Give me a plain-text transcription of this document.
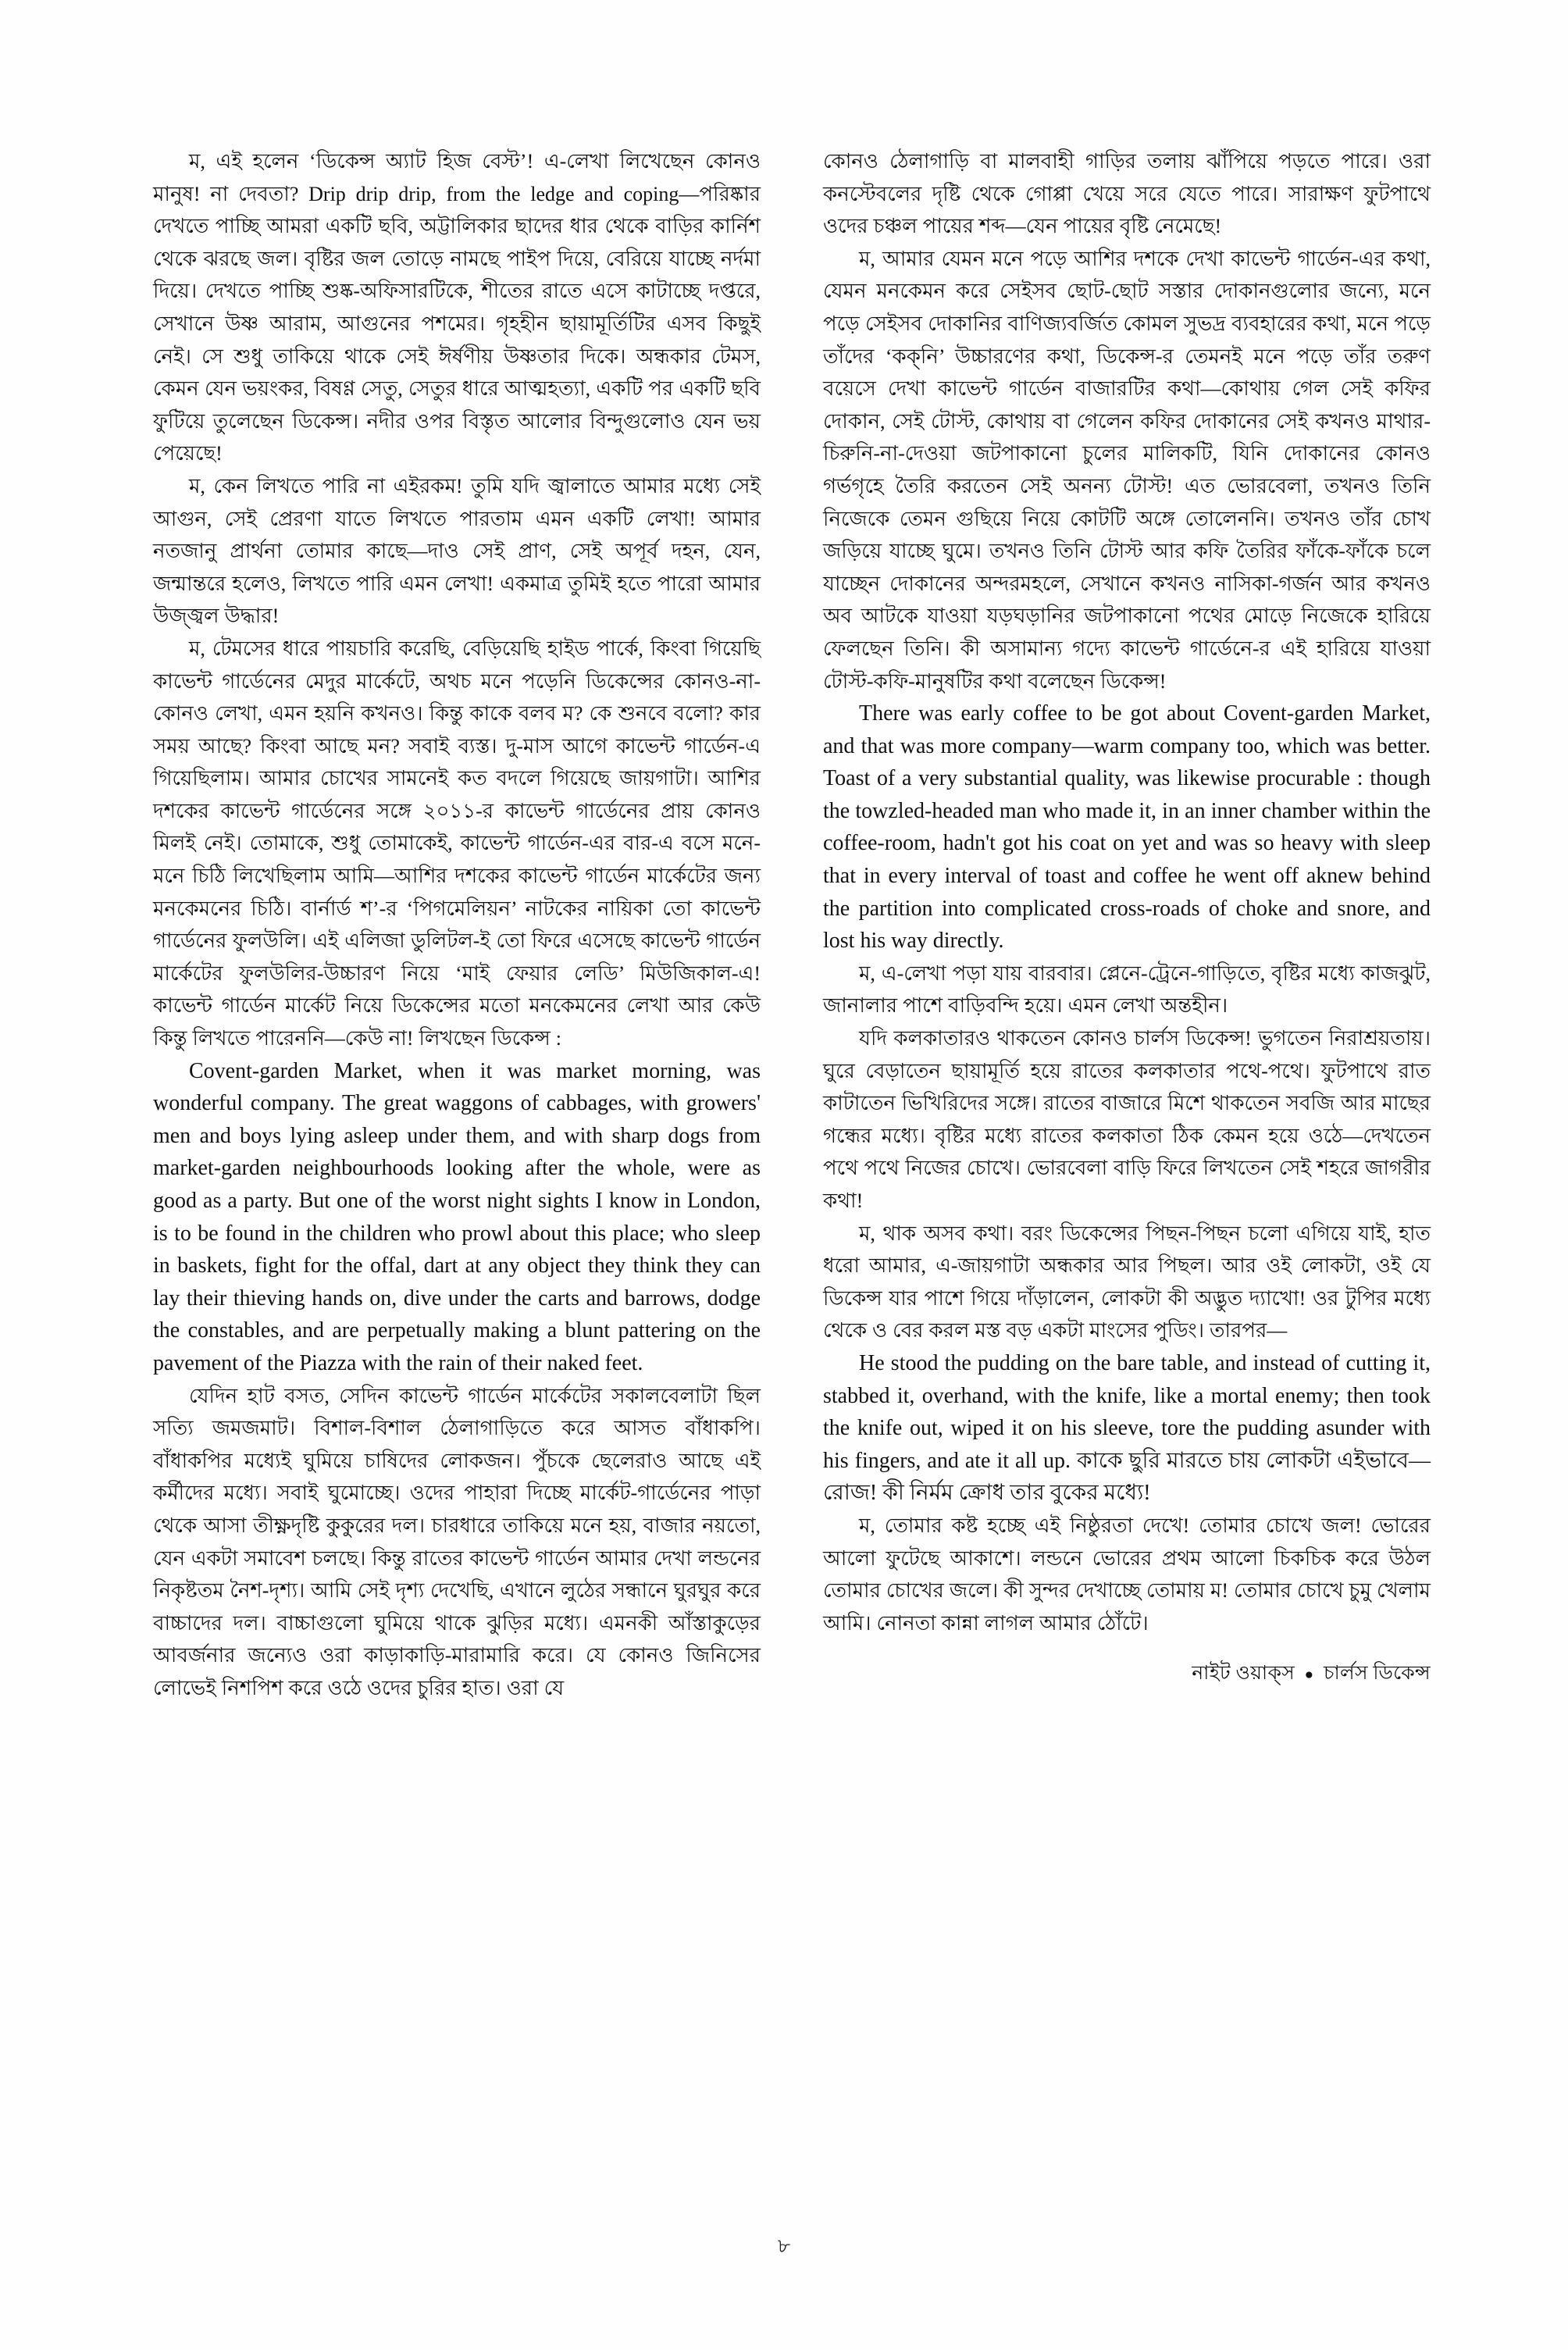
ম, এই হলেন ‘ডিকেন্স অ্যাট হিজ বেস্ট’! এ-লেখা লিখেছেন কোনও মানুষ! না দেবতা? Drip drip drip, from the ledge and coping—পরিষ্কার দেখতে পাচ্ছি আমরা একটি ছবি, অট্টালিকার ছাদের ধার থেকে বাড়ির কার্নিশ থেকে ঝরছে জল। বৃষ্টির জল তোড়ে নামছে পাইপ দিয়ে, বেরিয়ে যাচ্ছে নর্দমা দিয়ে। দেখতে পাচ্ছি শুষ্ক-অফিসারটিকে, শীতের রাতে এসে কাটাচ্ছে দপ্তরে, সেখানে উষ্ণ আরাম, আগুনের পশমের। গৃহহীন ছায়ামূর্তিটির এসব কিছুই নেই। সে শুধু তাকিয়ে থাকে সেই ঈর্ষণীয় উষ্ণতার দিকে। অন্ধকার টেমস, কেমন যেন ভয়ংকর, বিষণ্ণ সেতু, সেতুর ধারে আত্মহত্যা, একটি পর একটি ছবি ফুটিয়ে তুলেছেন ডিকেন্স। নদীর ওপর বিস্তৃত আলোর বিন্দুগুলোও যেন ভয় পেয়েছে!

ম, কেন লিখতে পারি না এইরকম! তুমি যদি জ্বালাতে আমার মধ্যে সেই আগুন, সেই প্রেরণা যাতে লিখতে পারতাম এমন একটি লেখা! আমার নতজানু প্রার্থনা তোমার কাছে—দাও সেই প্রাণ, সেই অপূর্ব দহন, যেন, জন্মান্তরে হলেও, লিখতে পারি এমন লেখা! একমাত্র তুমিই হতে পারো আমার উজ্জ্বল উদ্ধার!

ম, টেমসের ধারে পায়চারি করেছি, বেড়িয়েছি হাইড পার্কে, কিংবা গিয়েছি কাভেন্ট গার্ডেনের মেদুর মার্কেটে, অথচ মনে পড়েনি ডিকেন্সের কোনও-না-কোনও লেখা, এমন হয়নি কখনও। কিন্তু কাকে বলব ম? কে শুনবে বলো? কার সময় আছে? কিংবা আছে মন? সবাই ব্যস্ত। দু-মাস আগে কাভেন্ট গার্ডেন-এ গিয়েছিলাম। আমার চোখের সামনেই কত বদলে গিয়েছে জায়গাটা। আশির দশকের কাভেন্ট গার্ডেনের সঙ্গে ২০১১-র কাভেন্ট গার্ডেনের প্রায় কোনও মিলই নেই। তোমাকে, শুধু তোমাকেই, কাভেন্ট গার্ডেন-এর বার-এ বসে মনে-মনে চিঠি লিখেছিলাম আমি—আশির দশকের কাভেন্ট গার্ডেন মার্কেটের জন্য মনকেমনের চিঠি। বার্নার্ড শ’-র ‘পিগমেলিয়ন’ নাটকের নায়িকা তো কাভেন্ট গার্ডেনের ফুলউলি। এই এলিজা ডুলিটল-ই তো ফিরে এসেছে কাভেন্ট গার্ডেন মার্কেটের ফুলউলির-উচ্চারণ নিয়ে ‘মাই ফেয়ার লেডি’ মিউজিকাল-এ! কাভেন্ট গার্ডেন মার্কেট নিয়ে ডিকেন্সের মতো মনকেমনের লেখা আর কেউ কিন্তু লিখতে পারেননি—কেউ না! লিখছেন ডিকেন্স :

Covent-garden Market, when it was market morning, was wonderful company. The great waggons of cabbages, with growers' men and boys lying asleep under them, and with sharp dogs from market-garden neighbourhoods looking after the whole, were as good as a party. But one of the worst night sights I know in London, is to be found in the children who prowl about this place; who sleep in baskets, fight for the offal, dart at any object they think they can lay their thieving hands on, dive under the carts and barrows, dodge the constables, and are perpetually making a blunt pattering on the pavement of the Piazza with the rain of their naked feet.

যেদিন হাট বসত, সেদিন কাভেন্ট গার্ডেন মার্কেটের সকালবেলাটা ছিল সত্যি জমজমাট। বিশাল-বিশাল ঠেলাগাড়িতে করে আসত বাঁধাকপি। বাঁধাকপির মধ্যেই ঘুমিয়ে চাষিদের লোকজন। পুঁচকে ছেলেরাও আছে এই কর্মীদের মধ্যে। সবাই ঘুমোচ্ছে। ওদের পাহারা দিচ্ছে মার্কেট-গার্ডেনের পাড়া থেকে আসা তীক্ষ্ণদৃষ্টি কুকুরের দল। চারধারে তাকিয়ে মনে হয়, বাজার নয়তো, যেন একটা সমাবেশ চলছে। কিন্তু রাতের কাভেন্ট গার্ডেন আমার দেখা লন্ডনের নিকৃষ্টতম নৈশ-দৃশ্য। আমি সেই দৃশ্য দেখেছি, এখানে লুঠের সন্ধানে ঘুরঘুর করে বাচ্চাদের দল। বাচ্চাগুলো ঘুমিয়ে থাকে ঝুড়ির মধ্যে। এমনকী আঁস্তাকুড়ের আবর্জনার জন্যেও ওরা কাড়াকাড়ি-মারামারি করে। যে কোনও জিনিসের লোভেই নিশপিশ করে ওঠে ওদের চুরির হাত। ওরা যে

কোনও ঠেলাগাড়ি বা মালবাহী গাড়ির তলায় ঝাঁপিয়ে পড়তে পারে। ওরা কনস্টেবলের দৃষ্টি থেকে গোপ্পা খেয়ে সরে যেতে পারে। সারাক্ষণ ফুটপাথে ওদের চঞ্চল পায়ের শব্দ—যেন পায়ের বৃষ্টি নেমেছে!

ম, আমার যেমন মনে পড়ে আশির দশকে দেখা কাভেন্ট গার্ডেন-এর কথা, যেমন মনকেমন করে সেইসব ছোট-ছোট সস্তার দোকানগুলোর জন্যে, মনে পড়ে সেইসব দোকানির বাণিজ্যবর্জিত কোমল সুভদ্র ব্যবহারের কথা, মনে পড়ে তাঁদের ‘কক্‌নি’ উচ্চারণের কথা, ডিকেন্স-র তেমনই মনে পড়ে তাঁর তরুণ বয়েসে দেখা কাভেন্ট গার্ডেন বাজারটির কথা—কোথায় গেল সেই কফির দোকান, সেই টোস্ট, কোথায় বা গেলেন কফির দোকানের সেই কখনও মাথার-চিরুনি-না-দেওয়া জটপাকানো চুলের মালিকটি, যিনি দোকানের কোনও গর্ভগৃহে তৈরি করতেন সেই অনন্য টোস্ট! এত ভোরবেলা, তখনও তিনি নিজেকে তেমন গুছিয়ে নিয়ে কোটটি অঙ্গে তোলেননি। তখনও তাঁর চোখ জড়িয়ে যাচ্ছে ঘুমে। তখনও তিনি টোস্ট আর কফি তৈরির ফাঁকে-ফাঁকে চলে যাচ্ছেন দোকানের অন্দরমহলে, সেখানে কখনও নাসিকা-গর্জন আর কখনও অব আটকে যাওয়া যড়ঘড়ানির জটপাকানো পথের মোড়ে নিজেকে হারিয়ে ফেলছেন তিনি। কী অসামান্য গদ্যে কাভেন্ট গার্ডেনে-র এই হারিয়ে যাওয়া টোস্ট-কফি-মানুষটির কথা বলেছেন ডিকেন্স!

There was early coffee to be got about Covent-garden Market, and that was more company—warm company too, which was better. Toast of a very substantial quality, was likewise procurable : though the towzled-headed man who made it, in an inner chamber within the coffee-room, hadn't got his coat on yet and was so heavy with sleep that in every interval of toast and coffee he went off aknew behind the partition into complicated cross-roads of choke and snore, and lost his way directly.

ম, এ-লেখা পড়া যায় বারবার। প্লেনে-ট্রেনে-গাড়িতে, বৃষ্টির মধ্যে কাজঝুট, জানালার পাশে বাড়িবন্দি হয়ে। এমন লেখা অন্তহীন।

যদি কলকাতারও থাকতেন কোনও চার্লস ডিকেন্স! ভুগতেন নিরাশ্রয়তায়। ঘুরে বেড়াতেন ছায়ামূর্তি হয়ে রাতের কলকাতার পথে-পথে। ফুটপাথে রাত কাটাতেন ভিখিরিদের সঙ্গে। রাতের বাজারে মিশে থাকতেন সবজি আর মাছের গন্ধের মধ্যে। বৃষ্টির মধ্যে রাতের কলকাতা ঠিক কেমন হয়ে ওঠে—দেখতেন পথে পথে নিজের চোখে। ভোরবেলা বাড়ি ফিরে লিখতেন সেই শহরে জাগরীর কথা!

ম, থাক অসব কথা। বরং ডিকেন্সের পিছন-পিছন চলো এগিয়ে যাই, হাত ধরো আমার, এ-জায়গাটা অন্ধকার আর পিছল। আর ওই লোকটা, ওই যে ডিকেন্স যার পাশে গিয়ে দাঁড়ালেন, লোকটা কী অদ্ভুত দ্যাখো! ওর টুপির মধ্যে থেকে ও বের করল মস্ত বড় একটা মাংসের পুডিং। তারপর—

He stood the pudding on the bare table, and instead of cutting it, stabbed it, overhand, with the knife, like a mortal enemy; then took the knife out, wiped it on his sleeve, tore the pudding asunder with his fingers, and ate it all up. কাকে ছুরি মারতে চায় লোকটা এইভাবে—রোজ! কী নির্মম ক্রোধ তার বুকের মধ্যে!

ম, তোমার কষ্ট হচ্ছে এই নিষ্ঠুরতা দেখে! তোমার চোখে জল! ভোরের আলো ফুটেছে আকাশে। লন্ডনে ভোরের প্রথম আলো চিকচিক করে উঠল তোমার চোখের জলে। কী সুন্দর দেখাচ্ছে তোমায় ম! তোমার চোখে চুমু খেলাম আমি। নোনতা কান্না লাগল আমার ঠোঁটে।

নাইট ওয়াক্‌স ● চার্লস ডিকেন্স

৮
